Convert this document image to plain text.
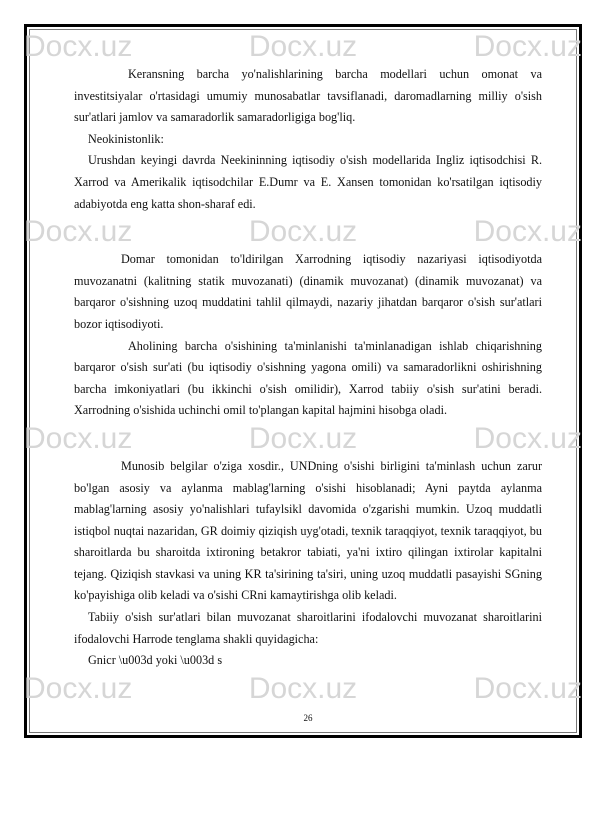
Docx.uz	Docx.uz	Docx.uz

Keransning barcha yo'nalishlarining barcha modellari uchun omonat va investitsiyalar o'rtasidagi umumiy munosabatlar tavsiflanadi, daromadlarning milliy o'sish sur'atlari jamlov va samaradorlik samaradorligiga bog'liq.

Neokinistonlik:

Urushdan keyingi davrda Neekininning iqtisodiy o'sish modellarida Ingliz iqtisodchisi R. Xarrod va Amerikalik iqtisodchilar E.Dumr va E. Xansen tomonidan ko'rsatilgan iqtisodiy adabiyotda eng katta shon-sharaf edi.

Docx.uz	Docx.uz	Docx.uz

Domar tomonidan to'ldirilgan Xarrodning iqtisodiy nazariyasi iqtisodiyotda muvozanatni (kalitning statik muvozanati) (dinamik muvozanat) (dinamik muvozanat) va barqaror o'sishning uzoq muddatini tahlil qilmaydi, nazariy jihatdan barqaror o'sish sur'atlari bozor iqtisodiyoti.

Aholining barcha o'sishining ta'minlanishi ta'minlanadigan ishlab chiqarishning barqaror o'sish sur'ati (bu iqtisodiy o'sishning yagona omili) va samaradorlikni oshirishning barcha imkoniyatlari (bu ikkinchi o'sish omilidir), Xarrod tabiiy o'sish sur'atini beradi. Xarrodning o'sishida uchinchi omil to'plangan kapital hajmini hisobga oladi.

Docx.uz	Docx.uz	Docx.uz

Munosib belgilar o'ziga xosdir., UNDning o'sishi birligini ta'minlash uchun zarur bo'lgan asosiy va aylanma mablag'larning o'sishi hisoblanadi; Ayni paytda aylanma mablag'larning asosiy yo'nalishlari tufaylsikl davomida o'zgarishi mumkin. Uzoq muddatli istiqbol nuqtai nazaridan, GR doimiy qiziqish uyg'otadi, texnik taraqqiyot, texnik taraqqiyot, bu sharoitlarda bu sharoitda ixtironing betakror tabiati, ya'ni ixtiro qilingan ixtirolar kapitalni tejang. Qiziqish stavkasi va uning KR ta'sirining ta'siri, uning uzoq muddatli pasayishi SGning ko'payishiga olib keladi va o'sishi CRni kamaytirishga olib keladi.

Tabiiy o'sish sur'atlari bilan muvozanat sharoitlarini ifodalovchi muvozanat sharoitlarini ifodalovchi Harrode tenglama shakli quyidagicha:

Gnicr \u003d yoki \u003d s

Docx.uz	Docx.uz	Docx.uz
26
